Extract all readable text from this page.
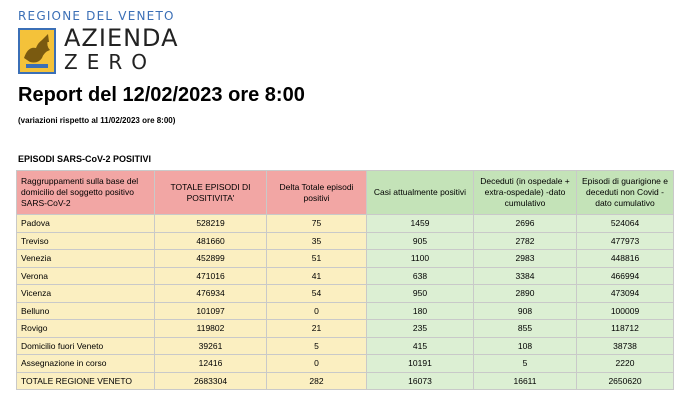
REGIONE DEL VENETO
AZIENDA
ZERO
Report del 12/02/2023 ore 8:00
(variazioni rispetto al 11/02/2023 ore 8:00)
EPISODI SARS-CoV-2 POSITIVI
Raggruppamenti sulla base del domicilio del soggetto positivo SARS-CoV-2	TOTALE EPISODI DI POSITIVITA'	Delta Totale episodi positivi	Casi attualmente positivi	Deceduti (in ospedale + extra-ospedale) -dato cumulativo	Episodi di guarigione e deceduti non Covid - dato cumulativo
Padova	528219	75	1459	2696	524064
Treviso	481660	35	905	2782	477973
Venezia	452899	51	1100	2983	448816
Verona	471016	41	638	3384	466994
Vicenza	476934	54	950	2890	473094
Belluno	101097	0	180	908	100009
Rovigo	119802	21	235	855	118712
Domicilio fuori Veneto	39261	5	415	108	38738
Assegnazione in corso	12416	0	10191	5	2220
TOTALE REGIONE VENETO	2683304	282	16073	16611	2650620
